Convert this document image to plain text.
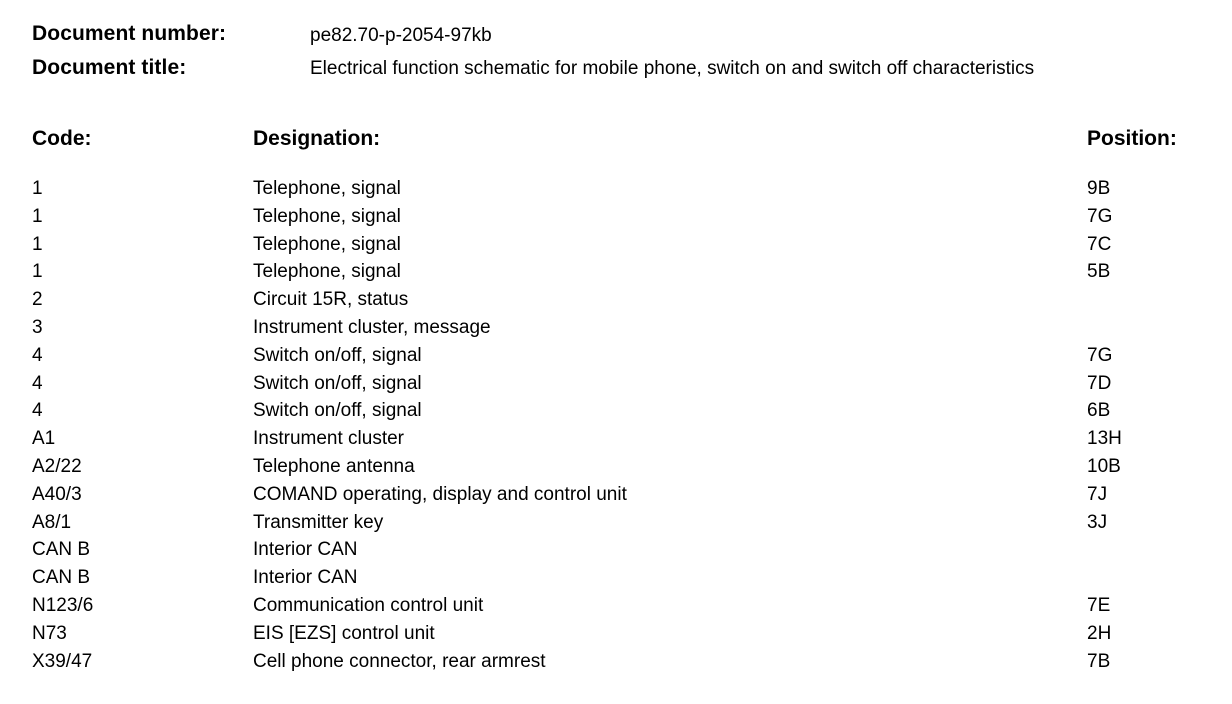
Document number:	pe82.70-p-2054-97kb
Document title:	Electrical function schematic for mobile phone, switch on and switch off characteristics
Code:	Designation:	Position:
1	Telephone, signal	9B
1	Telephone, signal	7G
1	Telephone, signal	7C
1	Telephone, signal	5B
2	Circuit 15R, status
3	Instrument cluster, message
4	Switch on/off, signal	7G
4	Switch on/off, signal	7D
4	Switch on/off, signal	6B
A1	Instrument cluster	13H
A2/22	Telephone antenna	10B
A40/3	COMAND operating, display and control unit	7J
A8/1	Transmitter key	3J
CAN B	Interior CAN
CAN B	Interior CAN
N123/6	Communication control unit	7E
N73	EIS [EZS] control unit	2H
X39/47	Cell phone connector, rear armrest	7B
